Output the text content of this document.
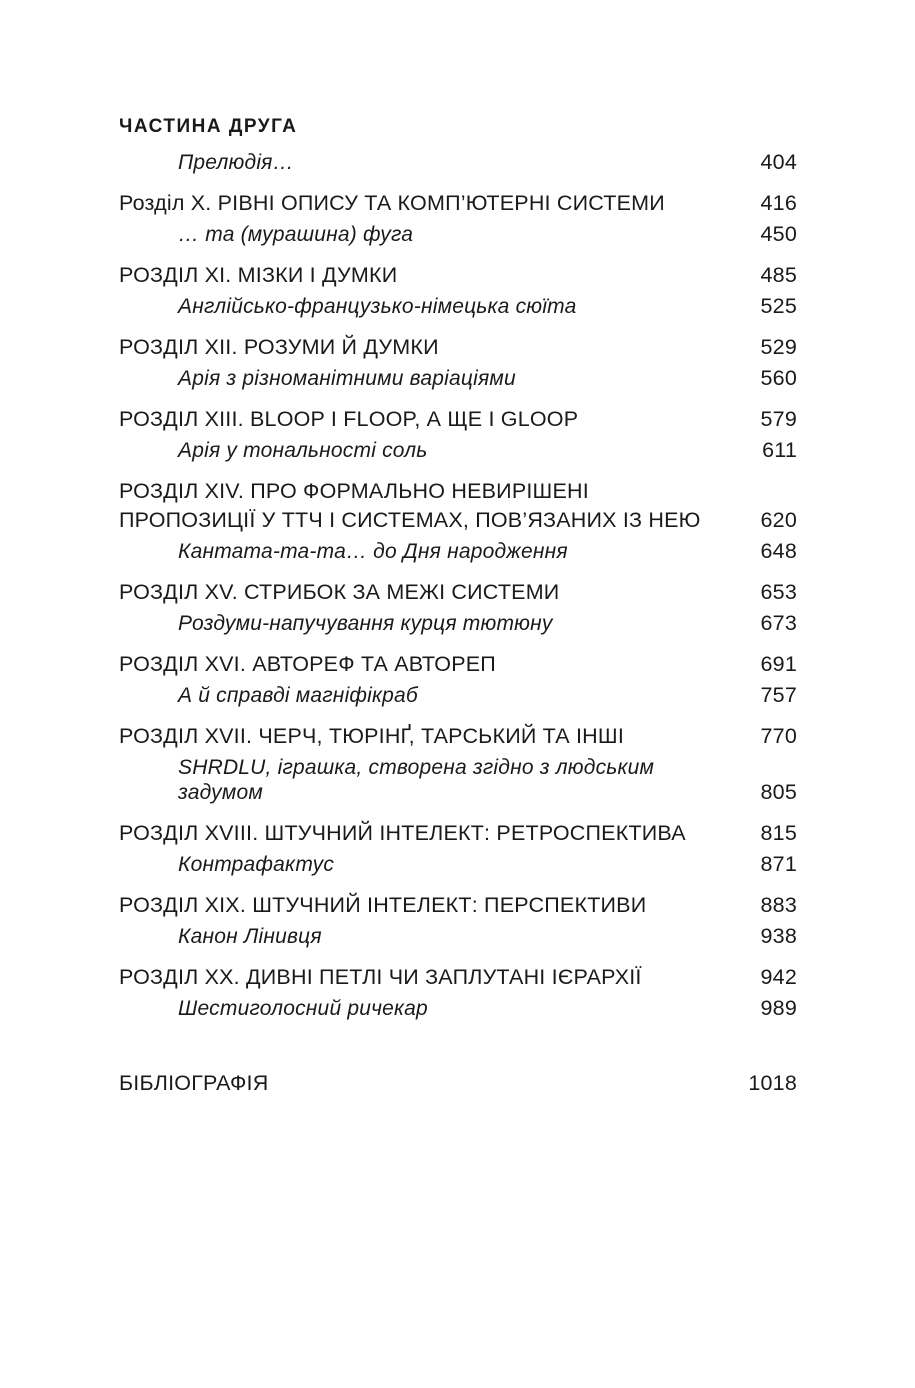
ЧАСТИНА ДРУГА
Прелюдія…	404
Розділ X. РІВНІ ОПИСУ ТА КОМП’ЮТЕРНІ СИСТЕМИ	416
… та (мурашина) фуга	450
РОЗДІЛ XI. МІЗКИ І ДУМКИ	485
Англійсько-французько-німецька сюїта	525
РОЗДІЛ XII. РОЗУМИ Й ДУМКИ	529
Арія з різноманітними варіаціями	560
РОЗДІЛ XIII. BLOOP І FLOOP, А ЩЕ І GLOOP	579
Арія у тональності соль	611
РОЗДІЛ XIV. ПРО ФОРМАЛЬНО НЕВИРІШЕНІ ПРОПОЗИЦІЇ У ТТЧ І СИСТЕМАХ, ПОВ’ЯЗАНИХ ІЗ НЕЮ	620
Кантата-та-та… до Дня народження	648
РОЗДІЛ XV. СТРИБОК ЗА МЕЖІ СИСТЕМИ	653
Роздуми-напучування курця тютюну	673
РОЗДІЛ XVI. АВТОРЕФ ТА АВТОРЕП	691
А й справді магніфікраб	757
РОЗДІЛ XVII. ЧЕРЧ, ТЮРІНҐ, ТАРСЬКИЙ ТА ІНШІ	770
SHRDLU, іграшка, створена згідно з людським задумом	805
РОЗДІЛ XVIII. ШТУЧНИЙ ІНТЕЛЕКТ: РЕТРОСПЕКТИВА	815
Контрафактус	871
РОЗДІЛ XIX. ШТУЧНИЙ ІНТЕЛЕКТ: ПЕРСПЕКТИВИ	883
Канон Лінивця	938
РОЗДІЛ XX. ДИВНІ ПЕТЛІ ЧИ ЗАПЛУТАНІ ІЄРАРХІЇ	942
Шестиголосний ричекар	989
БІБЛІОГРАФІЯ	1018
